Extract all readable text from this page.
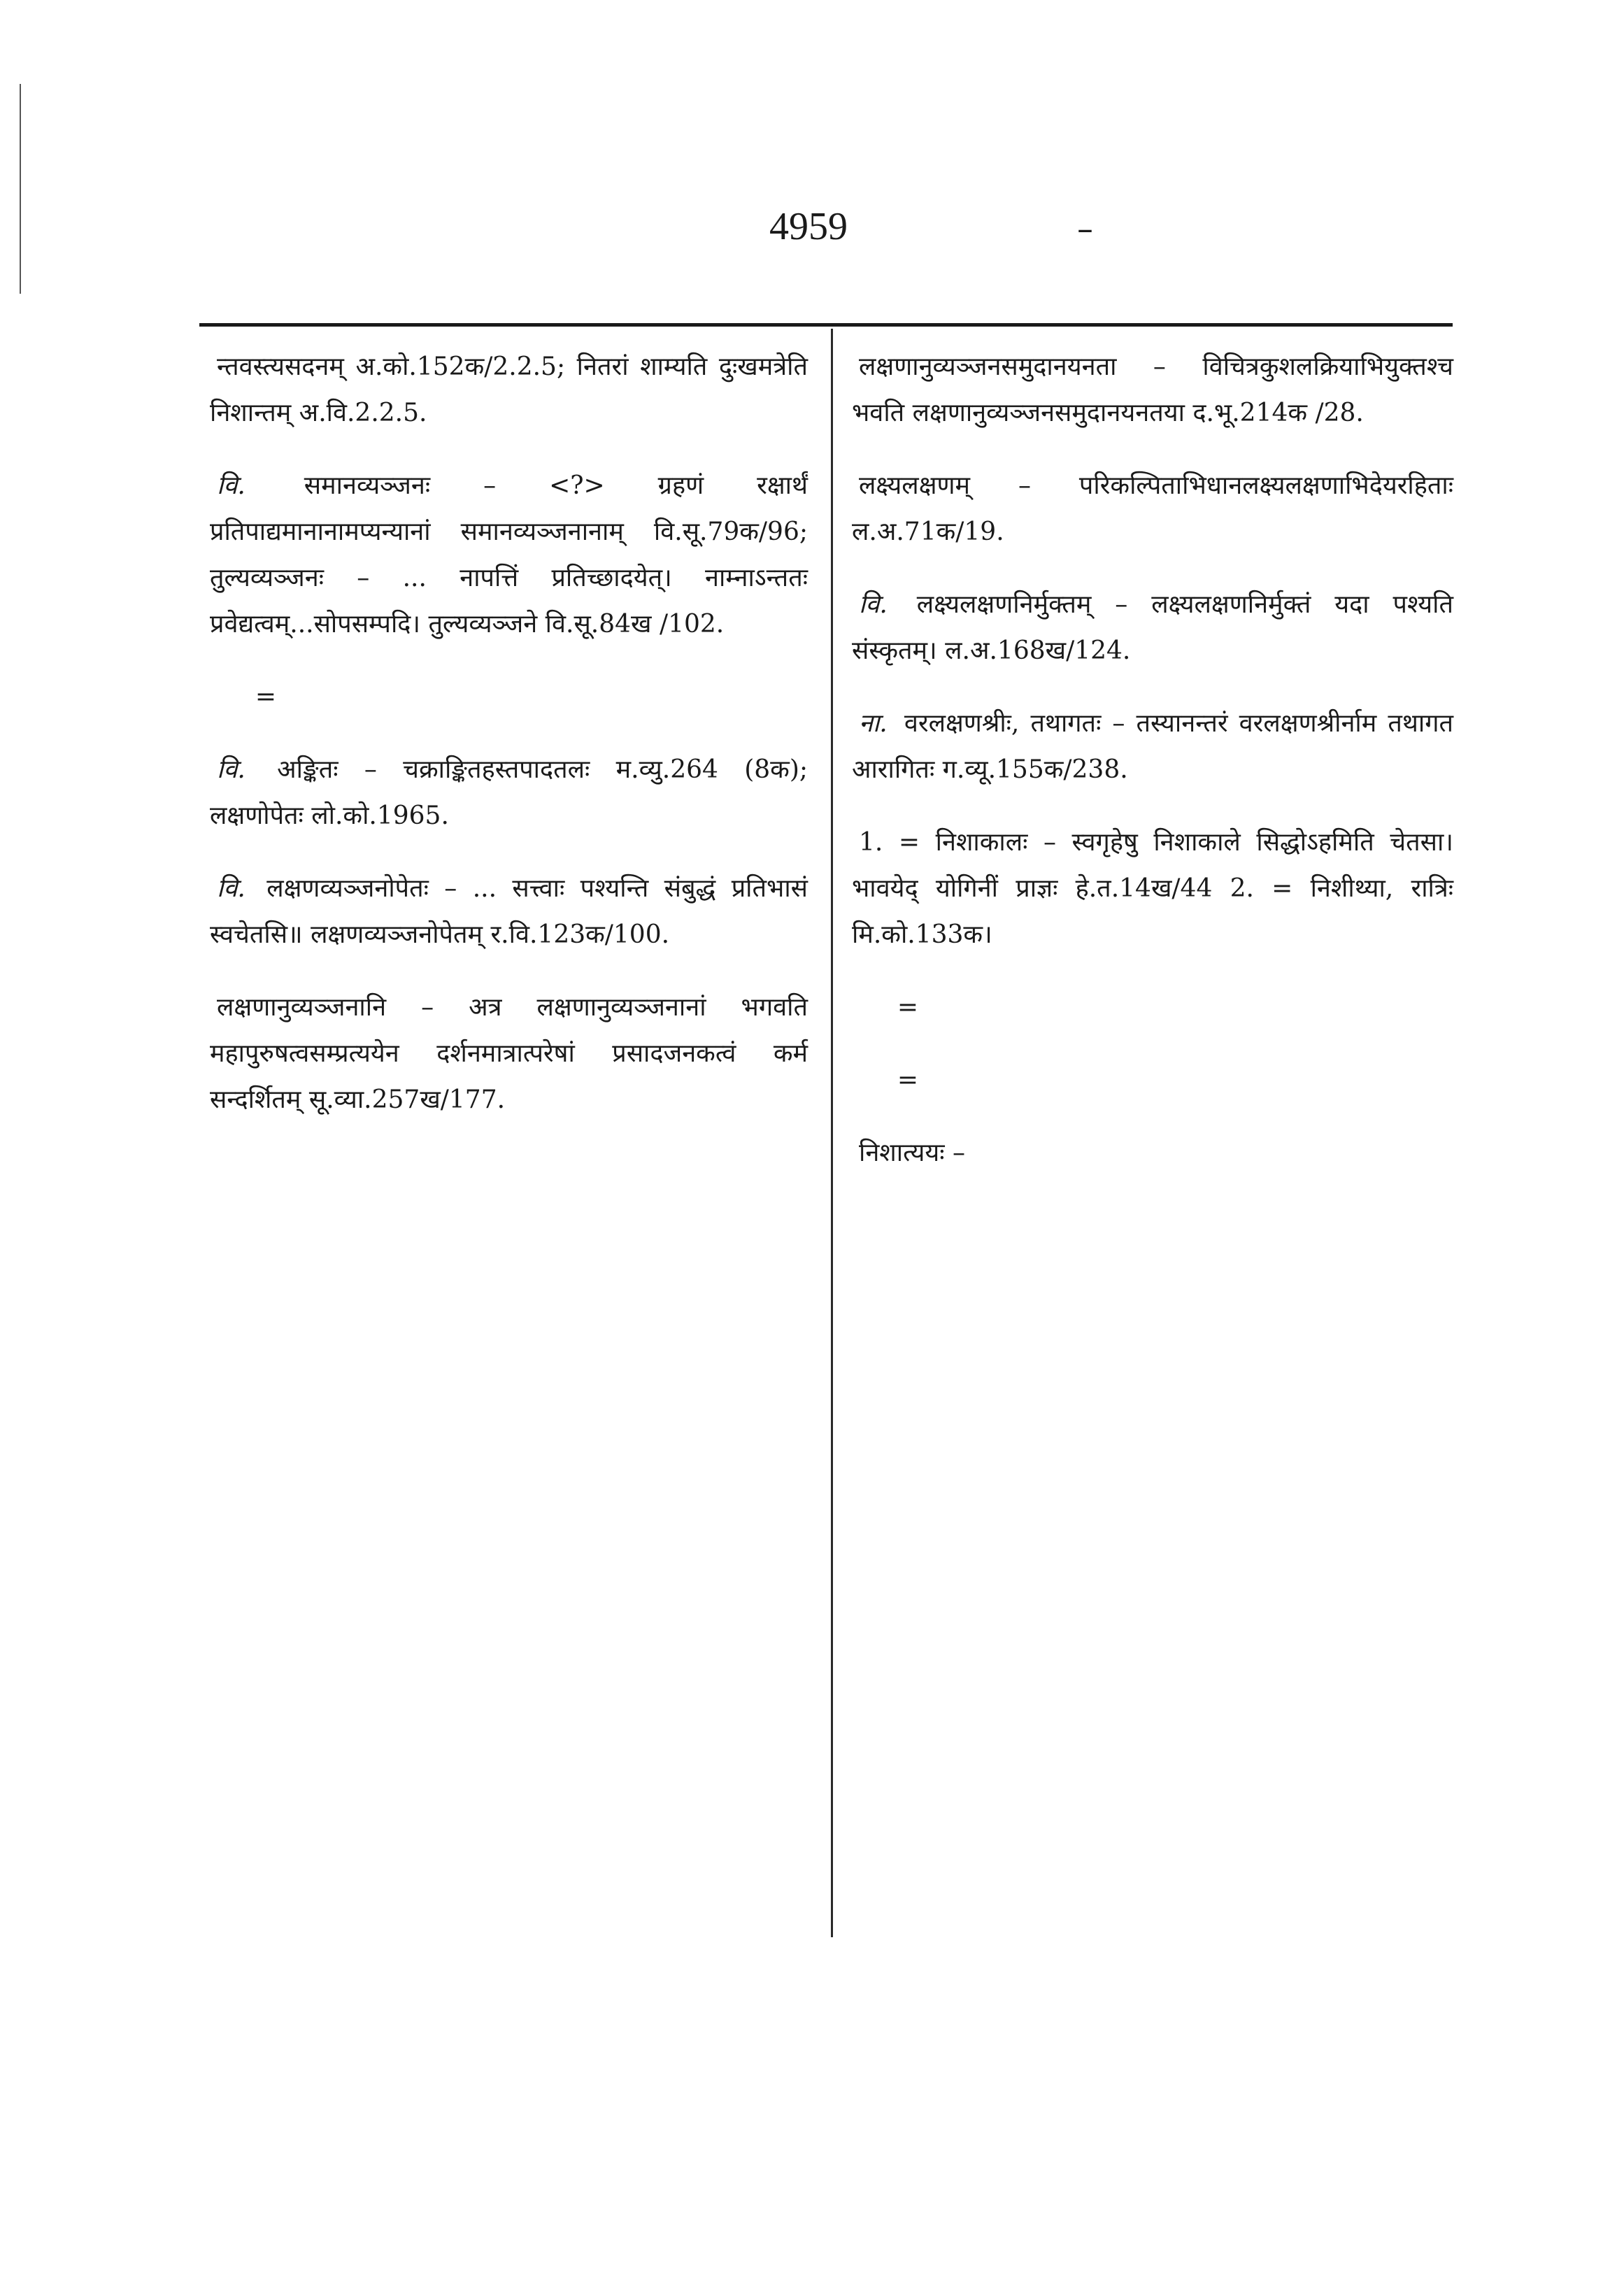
4959	–

न्तवस्त्यसदनम् अ.को.152क/2.2.5; नितरां शाम्यति दुःखमत्रेति निशान्तम् अ.वि.2.2.5.

वि. समानव्यञ्जनः – <?> ग्रहणं रक्षार्थं प्रतिपाद्यमानानामप्यन्यानां समानव्यञ्जनानाम् वि.सू.79क/96; तुल्यव्यञ्जनः – ... नापत्तिं प्रतिच्छादयेत्। नाम्नाऽन्ततः प्रवेद्यत्वम्...सोपसम्पदि। तुल्यव्यञ्जने वि.सू.84ख /102.

=

वि. अङ्कितः – चक्राङ्कितहस्तपादतलः म.व्यु.264 (8क); लक्षणोपेतः लो.को.1965.

वि. लक्षणव्यञ्जनोपेतः – ... सत्त्वाः पश्यन्ति संबुद्धं प्रतिभासं स्वचेतसि॥ लक्षणव्यञ्जनोपेतम् र.वि.123क/100.

लक्षणानुव्यञ्जनानि – अत्र लक्षणानुव्यञ्जनानां भगवति महापुरुषत्वसम्प्रत्ययेन दर्शनमात्रात्परेषां प्रसादजनकत्वं कर्म सन्दर्शितम् सू.व्या.257ख/177.

लक्षणानुव्यञ्जनसमुदानयनता – विचित्रकुशलक्रियाभियुक्तश्च भवति लक्षणानुव्यञ्जनसमुदानयनतया द.भू.214क /28.

लक्ष्यलक्षणम् – परिकल्पिताभिधानलक्ष्यलक्षणाभिदेयरहिताः ल.अ.71क/19.

वि. लक्ष्यलक्षणनिर्मुक्तम् – लक्ष्यलक्षणनिर्मुक्तं यदा पश्यति संस्कृतम्। ल.अ.168ख/124.

ना. वरलक्षणश्रीः, तथागतः – तस्यानन्तरं वरलक्षणश्रीर्नाम तथागत आरागितः ग.व्यू.155क/238.

1. = निशाकालः – स्वगृहेषु निशाकाले सिद्धोऽहमिति चेतसा। भावयेद् योगिनीं प्राज्ञः हे.त.14ख/44 2. = निशीथ्या, रात्रिः मि.को.133क।

=

=

निशात्ययः –
